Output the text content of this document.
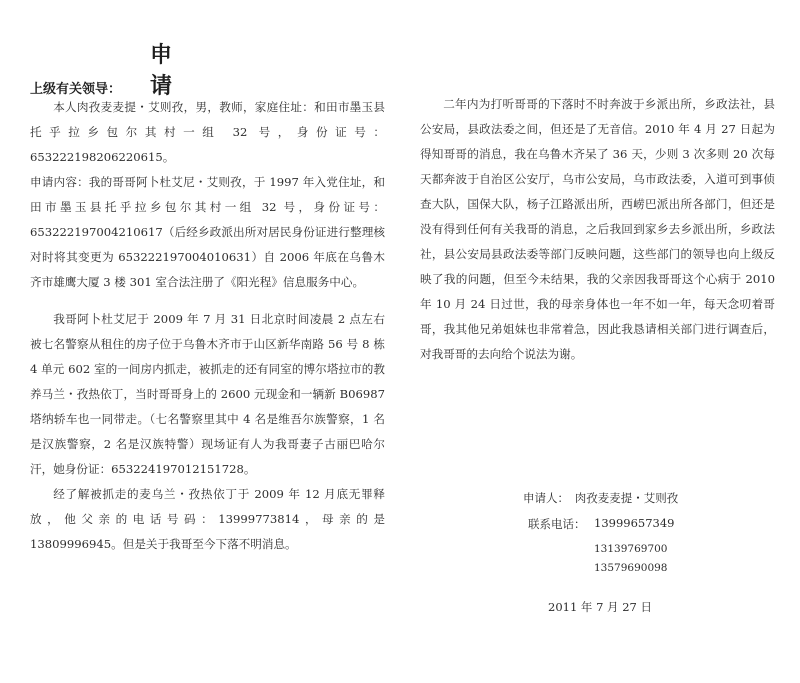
申　请
上级有关领导：

本人肉孜麦麦提・艾则孜，男，教师，家庭住址：和田市墨玉县托乎拉乡包尔其村一组 32 号，身份证号：653222198206220615。

申请内容：我的哥哥阿卜杜艾尼・艾则孜，于 1997 年入党住址，和田市墨玉县托乎拉乡包尔其村一组 32 号，身份证号：653222197004210617（后经乡政派出所对居民身份证进行整理核对时将其变更为 653222197004010631）自 2006 年底在乌鲁木齐市雄鹰大厦 3 楼 301 室合法注册了《阳光程》信息服务中心。

我哥阿卜杜艾尼于 2009 年 7 月 31 日北京时间凌晨 2 点左右被七名警察从租住的房子位于乌鲁木齐市于山区新华南路 56 号 8 栋 4 单元 602 室的一间房内抓走，被抓走的还有同室的博尔塔拉市的教养马兰・孜热依丁，当时哥哥身上的 2600 元现金和一辆新 B06987 塔纳轿车也一同带走。（七名警察里其中 4 名是维吾尔族警察，1 名是汉族警察，2 名是汉族特警）现场证有人为我哥妻子古丽巴哈尔汗，她身份证：653224197012151728。

经了解被抓走的麦乌兰・孜热依丁于 2009 年 12 月底无罪释放，他父亲的电话号码：13999773814，母亲的是 13809996945。但是关于我哥至今下落不明消息。

二年内为打听哥哥的下落时不时奔波于乡派出所，乡政法社，县公安局，县政法委之间，但还是了无音信。2010 年 4 月 27 日起为得知哥哥的消息，我在乌鲁木齐呆了 36 天，少则 3 次多则 20 次每天都奔波于自治区公安厅，乌市公安局，乌市政法委，入道可到事侦查大队，国保大队，杨子江路派出所，西崂巴派出所各部门，但还是没有得到任何有关我哥的消息，之后我回到家乡去乡派出所，乡政法社，县公安局县政法委等部门反映问题，这些部门的领导也向上级反映了我的问题，但至今未结果，我的父亲因我哥哥这个心病于 2010 年 10 月 24 日过世，我的母亲身体也一年不如一年，每天念叨着哥哥，我其他兄弟姐妹也非常着急，因此我恳请相关部门进行调查后，对我哥哥的去向给个说法为谢。

申请人：　肉孜麦麦提・艾则孜
联系电话： 13999657349
13139769700
13579690098
2011 年 7 月 27 日
